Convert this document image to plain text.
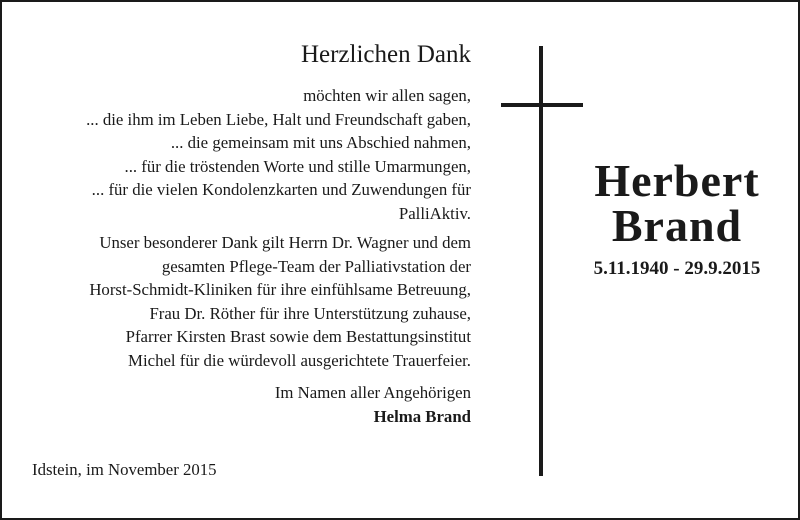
Herzlichen Dank
möchten wir allen sagen,
... die ihm im Leben Liebe, Halt und Freundschaft gaben,
... die gemeinsam mit uns Abschied nahmen,
... für die tröstenden Worte und stille Umarmungen,
... für die vielen Kondolenzkarten und Zuwendungen für
PalliAktiv.
Unser besonderer Dank gilt Herrn Dr. Wagner und dem
gesamten Pflege-Team der Palliativstation der
Horst-Schmidt-Kliniken für ihre einfühlsame Betreuung,
Frau Dr. Röther für ihre Unterstützung zuhause,
Pfarrer Kirsten Brast sowie dem Bestattungsinstitut
Michel für die würdevoll ausgerichtete Trauerfeier.
Im Namen aller Angehörigen
Helma Brand
Idstein, im November 2015
Herbert
Brand
5.11.1940 - 29.9.2015
